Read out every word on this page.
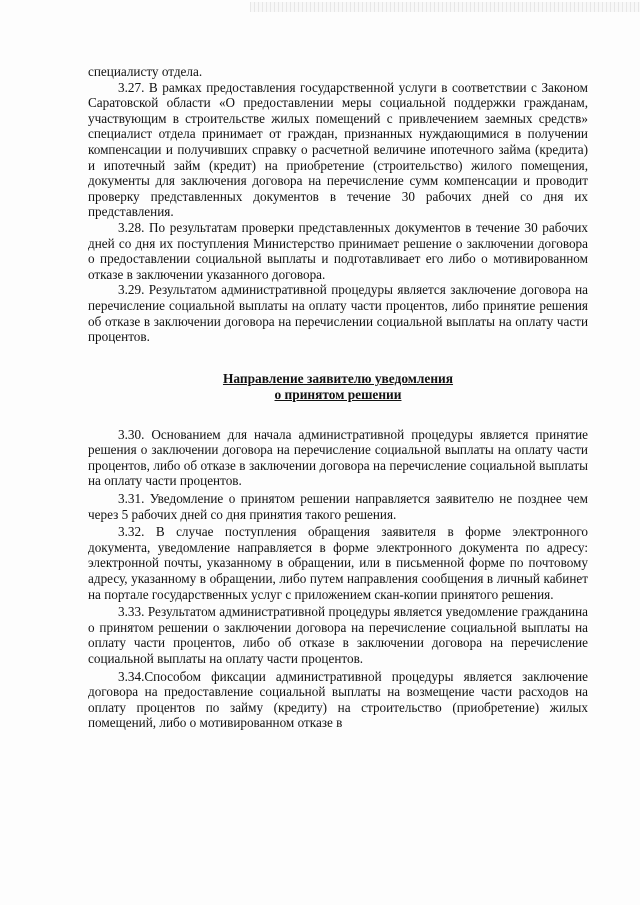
специалисту отдела.

3.27. В рамках предоставления государственной услуги в соответствии с Законом Саратовской области «О предоставлении меры социальной поддержки гражданам, участвующим в строительстве жилых помещений с привлечением заемных средств» специалист отдела принимает от граждан, признанных нуждающимися в получении компенсации и получивших справку о расчетной величине ипотечного займа (кредита) и ипотечный займ (кредит) на приобретение (строительство) жилого помещения, документы для заключения договора на перечисление сумм компенсации и проводит проверку представленных документов в течение 30 рабочих дней со дня их представления.

3.28. По результатам проверки представленных документов в течение 30 рабочих дней со дня их поступления Министерство принимает решение о заключении договора о предоставлении социальной выплаты и подготавливает его либо о мотивированном отказе в заключении указанного договора.

3.29. Результатом административной процедуры является заключение договора на перечисление социальной выплаты на оплату части процентов, либо принятие решения об отказе в заключении договора на перечислении социальной выплаты на оплату части процентов.

Направление заявителю уведомления
о принятом решении

3.30. Основанием для начала административной процедуры является принятие решения о заключении договора на перечисление социальной выплаты на оплату части процентов, либо об отказе в заключении договора на перечисление социальной выплаты на оплату части процентов.

3.31. Уведомление о принятом решении направляется заявителю не позднее чем через 5 рабочих дней со дня принятия такого решения.

3.32. В случае поступления обращения заявителя в форме электронного документа, уведомление направляется в форме электронного документа по адресу: электронной почты, указанному в обращении, или в письменной форме по почтовому адресу, указанному в обращении, либо путем направления сообщения в личный кабинет на портале государственных услуг с приложением скан-копии принятого решения.

3.33. Результатом административной процедуры является уведомление гражданина о принятом решении о заключении договора на перечисление социальной выплаты на оплату части процентов, либо об отказе в заключении договора на перечисление социальной выплаты на оплату части процентов.

3.34.Способом фиксации административной процедуры является заключение договора на предоставление социальной выплаты на возмещение части расходов на оплату процентов по займу (кредиту) на строительство (приобретение) жилых помещений, либо о мотивированном отказе в
